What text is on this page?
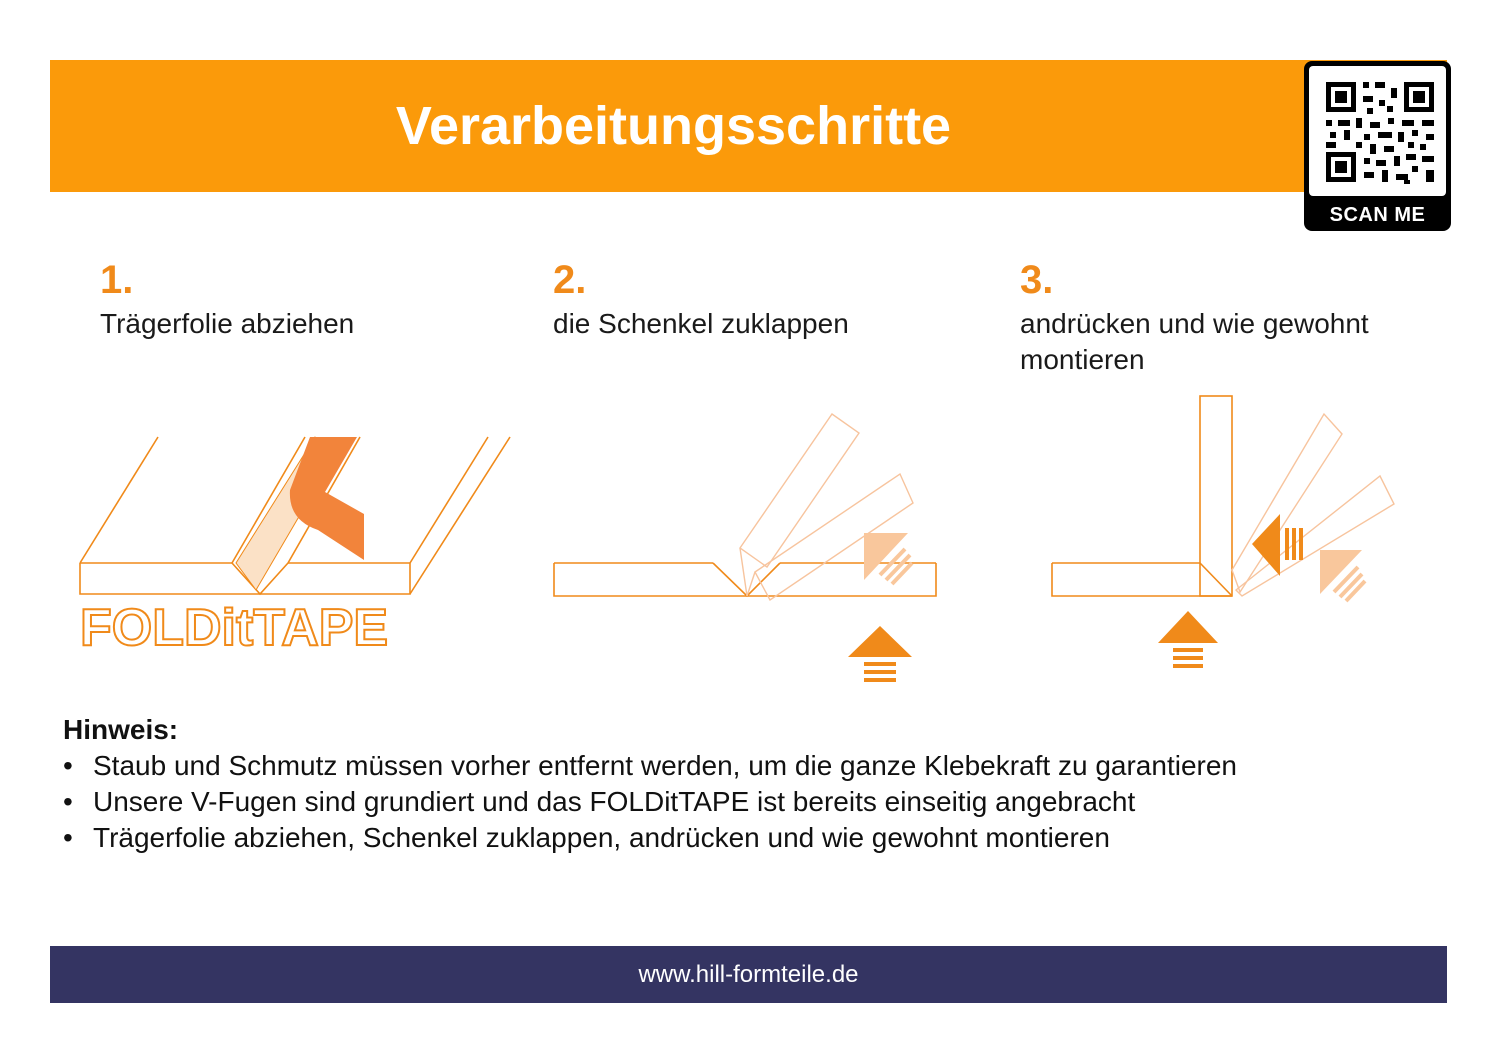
Verarbeitungsschritte
SCAN ME
1.
Trägerfolie abziehen
2.
die Schenkel zuklappen
3.
andrücken und wie gewohnt
montieren
FOLDitTAPE
Hinweis:
• Staub und Schmutz müssen vorher entfernt werden, um die ganze Klebekraft zu garantieren
• Unsere V-Fugen sind grundiert und das FOLDitTAPE ist bereits einseitig angebracht
• Trägerfolie abziehen, Schenkel zuklappen, andrücken und wie gewohnt montieren
www.hill-formteile.de
